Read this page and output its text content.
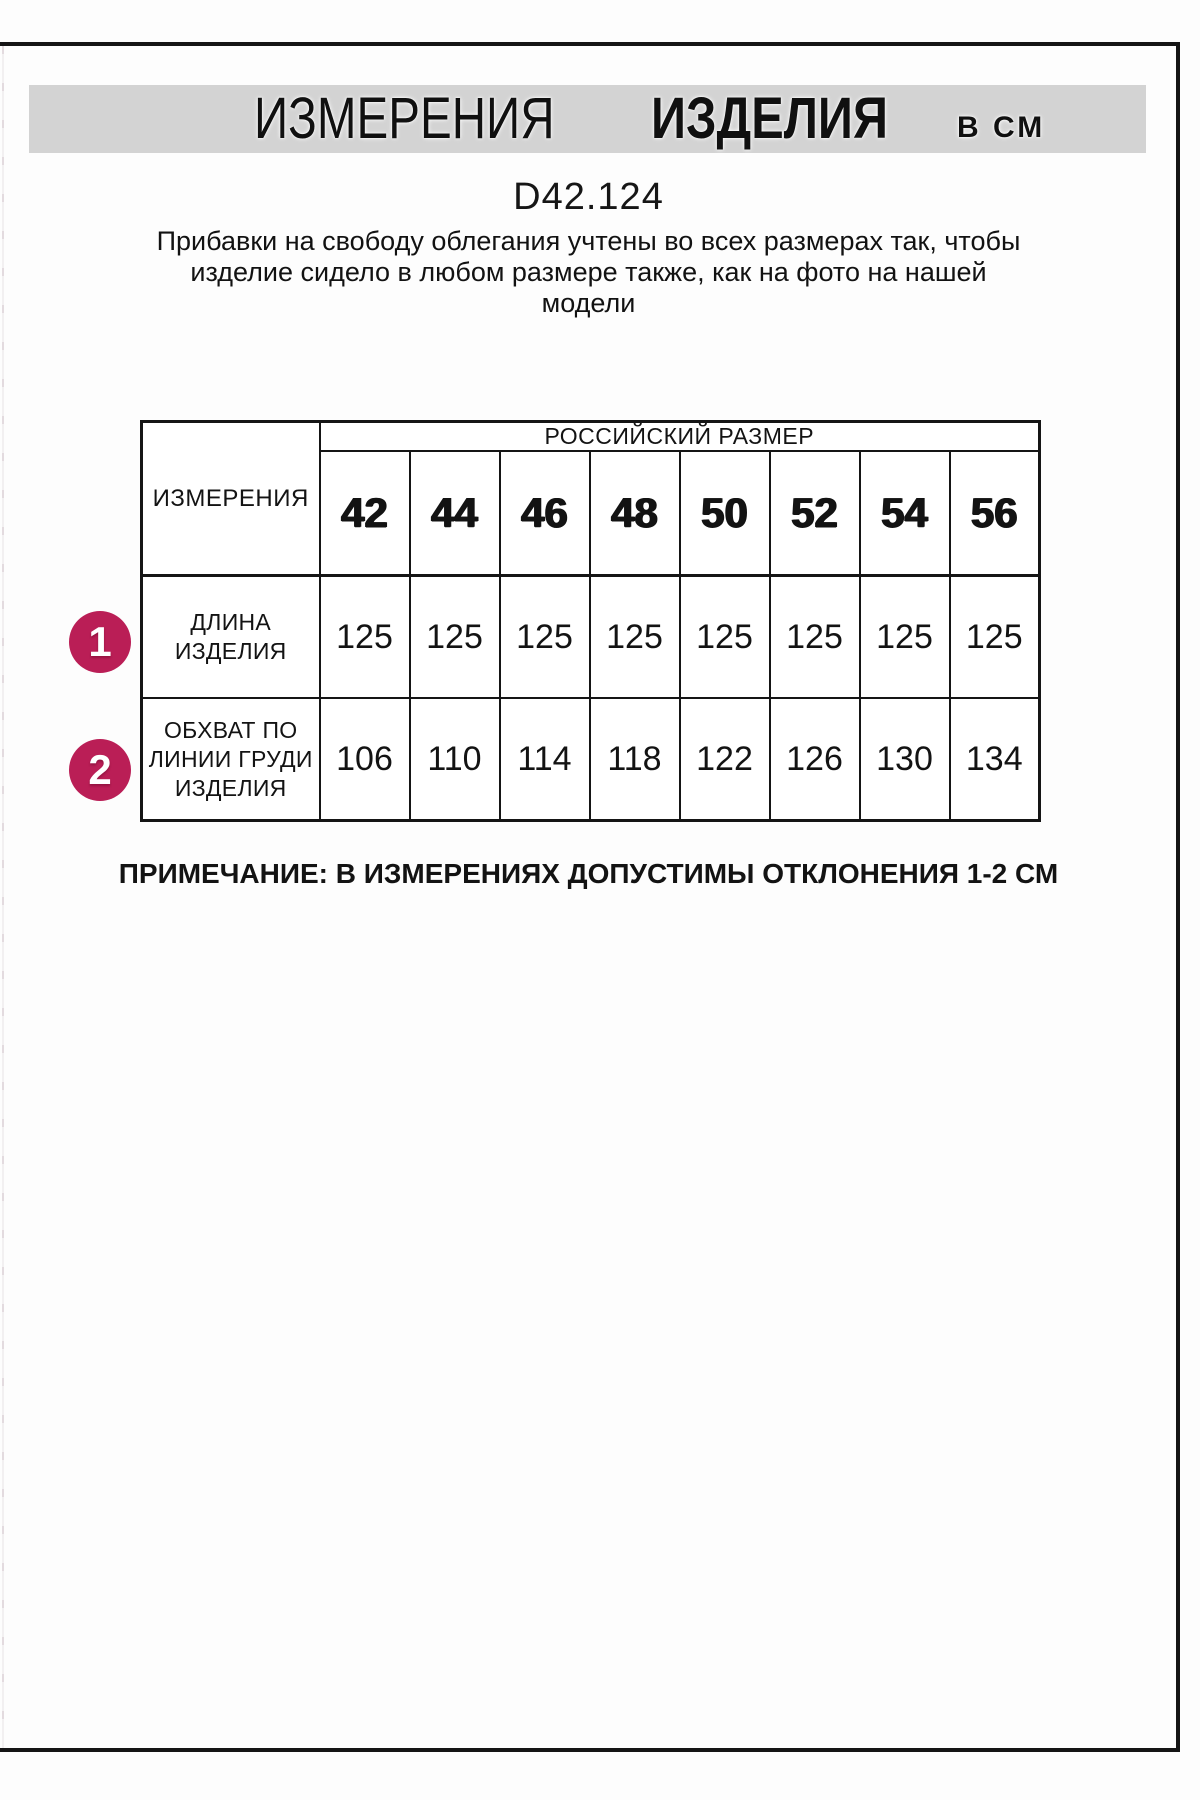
ИЗМЕРЕНИЯ ИЗДЕЛИЯ В СМ
D42.124
Прибавки на свободу облегания учтены во всех размерах так, чтобы
изделие сидело в любом размере также, как на фото на нашей
модели
ИЗМЕРЕНИЯ	РОССИЙСКИЙ РАЗМЕР							
	42	44	46	48	50	52	54	56

ДЛИНА
ИЗДЕЛИЯ	125	125	125	125	125	125	125	125

ОБХВАТ ПО
ЛИНИИ ГРУДИ
ИЗДЕЛИЯ	106	110	114	118	122	126	130	134
1
2
ПРИМЕЧАНИЕ: В ИЗМЕРЕНИЯХ ДОПУСТИМЫ ОТКЛОНЕНИЯ 1-2 СМ
